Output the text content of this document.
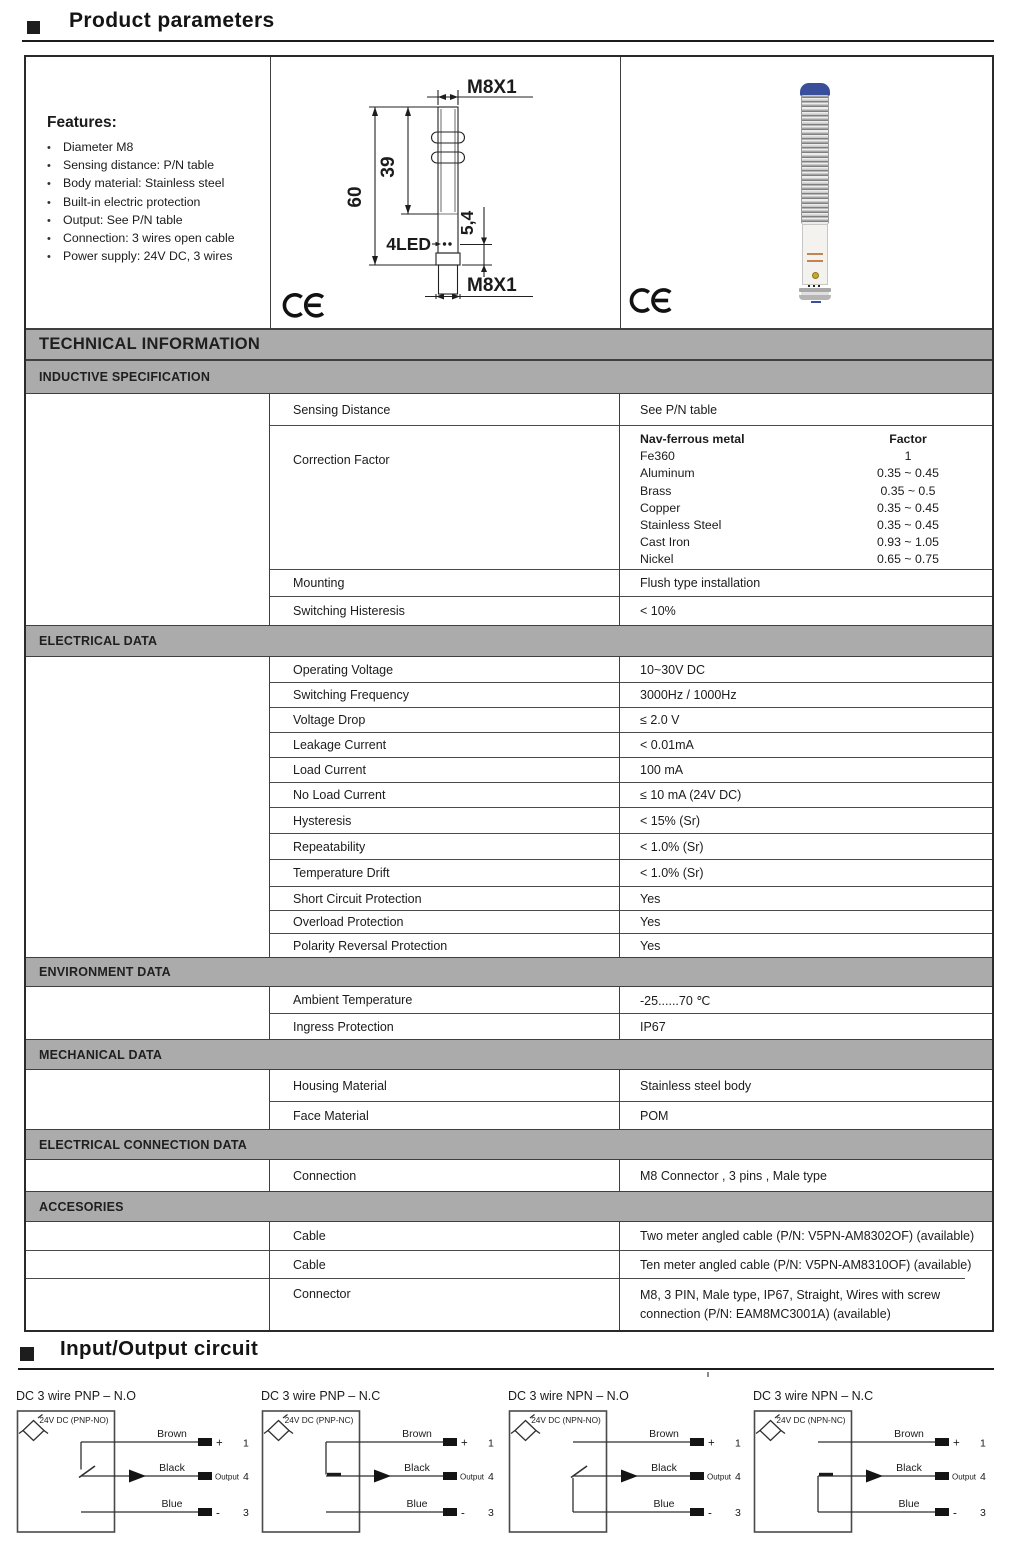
Product parameters

Features:

• Diameter M8
• Sensing distance: P/N table
• Body material: Stainless steel
• Built-in electric protection
• Output: See P/N table
• Connection: 3 wires open cable
• Power supply: 24V DC, 3 wires
M8X1
60
39
5,4
4LED
M8X1
TECHNICAL INFORMATION
INDUCTIVE SPECIFICATION
Sensing Distance	See P/N table
Correction Factor
Nav-ferrous metal	Factor
Fe360	1
Aluminum	0.35 ~ 0.45
Brass	0.35 ~ 0.5
Copper	0.35 ~ 0.45
Stainless Steel	0.35 ~ 0.45
Cast Iron	0.93 ~ 1.05
Nickel	0.65 ~ 0.75
Mounting	Flush type installation
Switching Histeresis	< 10%
ELECTRICAL DATA
Operating Voltage	10~30V DC
Switching Frequency	3000Hz / 1000Hz
Voltage Drop	≤ 2.0 V
Leakage Current	< 0.01mA
Load Current	100 mA
No Load Current	≤ 10 mA (24V DC)
Hysteresis	< 15% (Sr)
Repeatability	< 1.0% (Sr)
Temperature Drift	< 1.0% (Sr)
Short Circuit Protection	Yes
Overload Protection	Yes
Polarity Reversal Protection	Yes
ENVIRONMENT DATA
Ambient Temperature	-25......70 ℃
Ingress Protection	IP67
MECHANICAL DATA
Housing Material	Stainless steel body
Face Material	POM
ELECTRICAL CONNECTION DATA
Connection	M8 Connector , 3 pins , Male type
ACCESORIES
Cable	Two meter angled cable (P/N: V5PN-AM8302OF) (available)
Cable	Ten meter angled cable (P/N: V5PN-AM8310OF) (available)
Connector	M8, 3 PIN, Male type, IP67, Straight, Wires with screw connection (P/N: EAM8MC3001A) (available)
Input/Output circuit
DC 3 wire PNP – N.O
24V DC (PNP-NO)
Brown
Black
Blue
+
Output
-
1
4
3
DC 3 wire PNP – N.C
24V DC (PNP-NC)
Brown
Black
Blue
+
Output
-
1
4
3
DC 3 wire NPN – N.O
24V DC (NPN-NO)
Brown
Black
Blue
+
Output
-
1
4
3
DC 3 wire NPN – N.C
24V DC (NPN-NC)
Brown
Black
Blue
+
Output
-
1
4
3
